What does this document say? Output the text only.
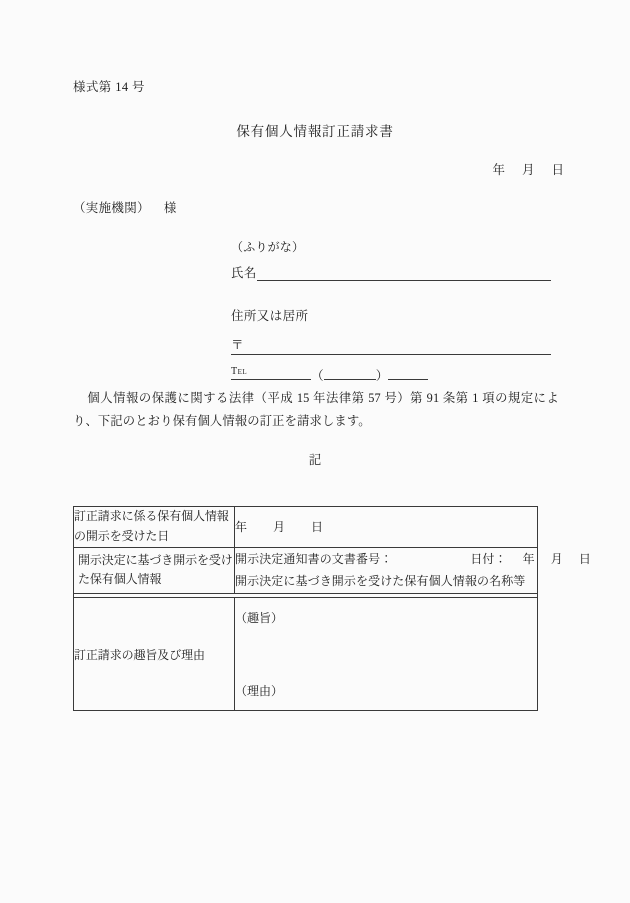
様式第 14 号
保有個人情報訂正請求書
年 月 日
（実施機関） 様
（ふりがな）
氏名
住所又は居所
〒
Tel	（	）
個人情報の保護に関する法律（平成 15 年法律第 57 号）第 91 条第 1 項の規定により、下記のとおり保有個人情報の訂正を請求します。
記
訂正請求に係る保有個人情報の開示を受けた日	年 月 日
開示決定に基づき開示を受けた保有個人情報	開示決定通知書の文書番号： 日付： 年 月 日
開示決定に基づき開示を受けた保有個人情報の名称等

訂正請求の趣旨及び理由	（趣旨）

（理由）
